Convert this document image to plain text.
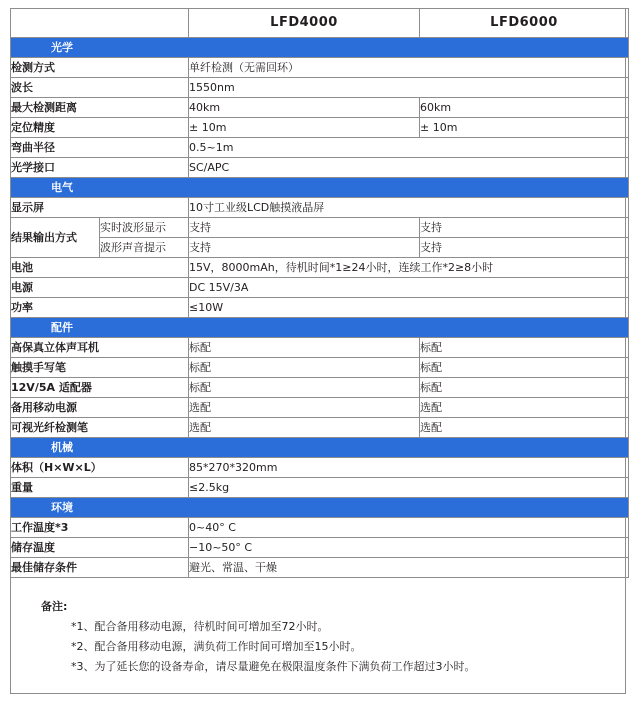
		LFD4000	LFD6000
光学			
检测方式		单纤检测（无需回环）	
波长		1550nm	
最大检测距离		40km	60km
定位精度		± 10m	± 10m
弯曲半径		0.5~1m	
光学接口		SC/APC	
电气			
显示屏		10寸工业级LCD触摸液晶屏	
结果输出方式	实时波形显示	支持	支持
	波形声音提示	支持	支持
电池		15V，8000mAh，待机时间*1≥24小时，连续工作*2≥8小时	
电源		DC 15V/3A	
功率		≤10W	
配件			
高保真立体声耳机		标配	标配
触摸手写笔		标配	标配
12V/5A 适配器		标配	标配
备用移动电源		选配	选配
可视光纤检测笔		选配	选配
机械			
体积（H×W×L）		85*270*320mm	
重量		≤2.5kg	
环境			
工作温度*3		0~40° C	
储存温度		−10~50° C	
最佳储存条件		避光、常温、干燥	
备注:
*1、配合备用移动电源，待机时间可增加至72小时。
*2、配合备用移动电源，满负荷工作时间可增加至15小时。
*3、为了延长您的设备寿命，请尽量避免在极限温度条件下满负荷工作超过3小时。
